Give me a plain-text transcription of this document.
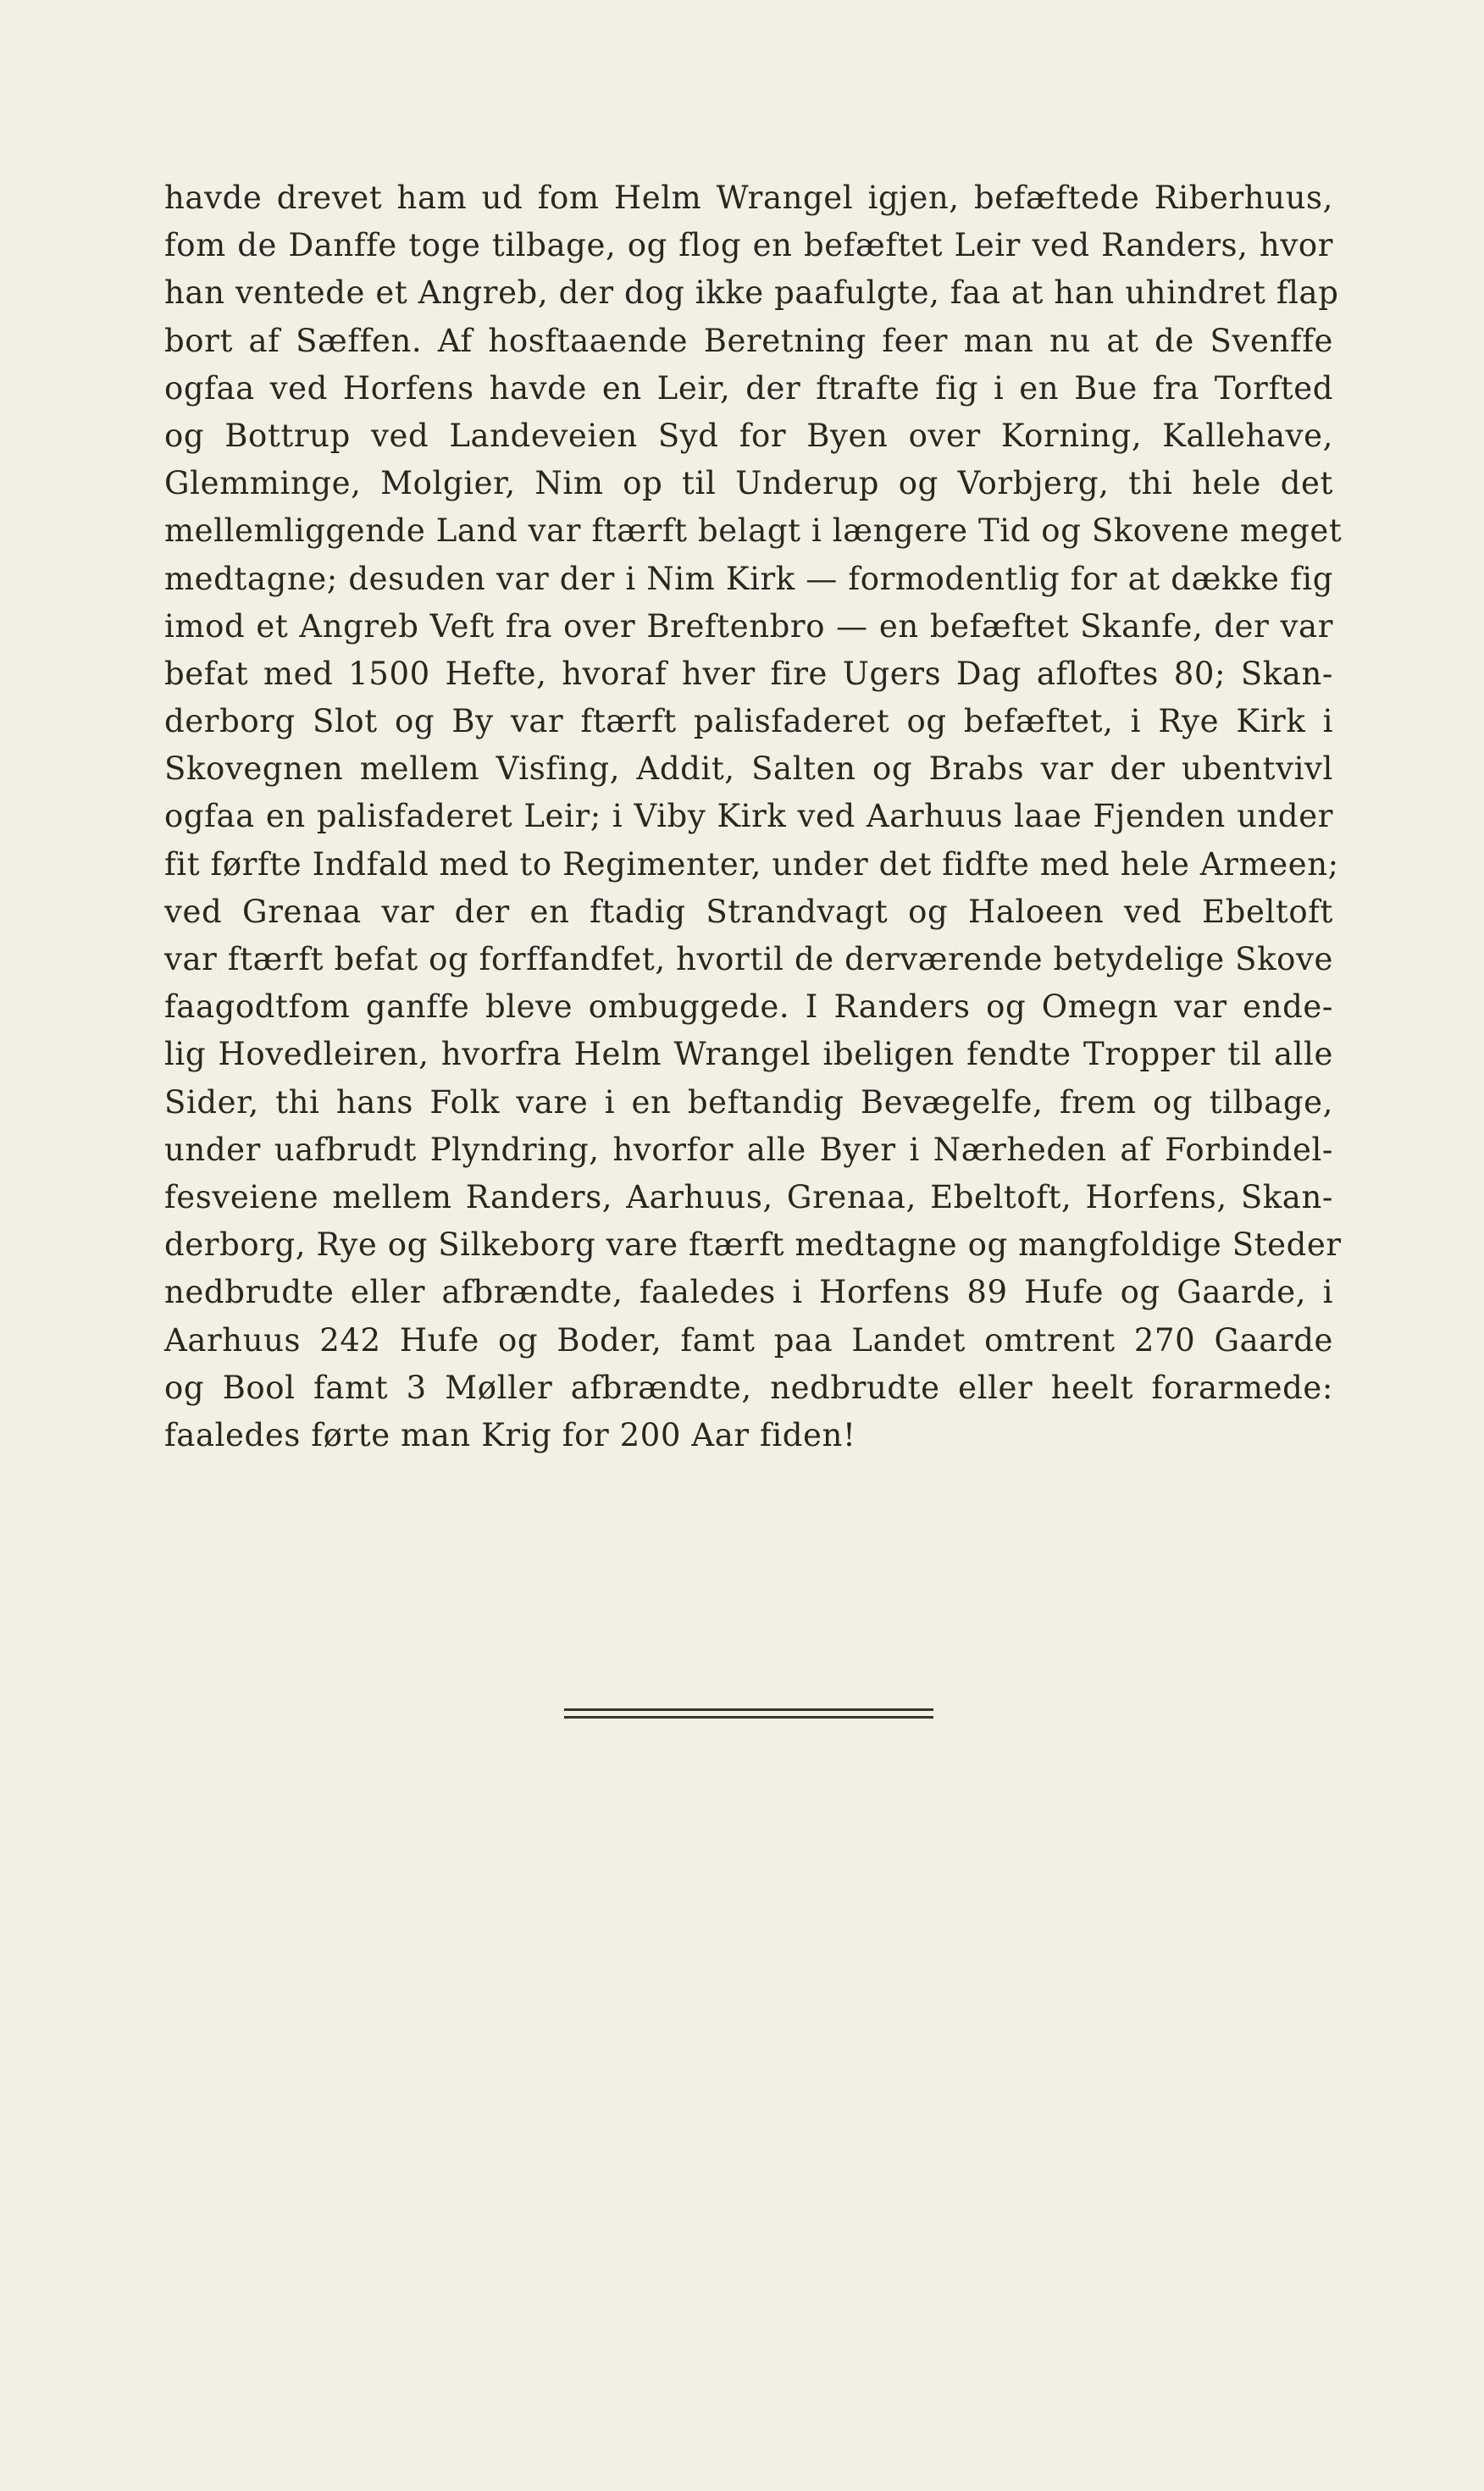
havde drevet ham ud fom Helm Wrangel igjen, befæftede Riberhuus,
fom de Danffe toge tilbage, og flog en befæftet Leir ved Randers, hvor
han ventede et Angreb, der dog ikke paafulgte, faa at han uhindret flap
bort af Sæffen. Af hosftaaende Beretning feer man nu at de Svenffe
ogfaa ved Horfens havde en Leir, der ftrafte fig i en Bue fra Torfted
og Bottrup ved Landeveien Syd for Byen over Korning, Kallehave,
Glemminge, Molgier, Nim op til Underup og Vorbjerg, thi hele det
mellemliggende Land var ftærft belagt i længere Tid og Skovene meget
medtagne; desuden var der i Nim Kirk — formodentlig for at dække fig
imod et Angreb Veft fra over Breftenbro — en befæftet Skanfe, der var
befat med 1500 Hefte, hvoraf hver fire Ugers Dag afloftes 80; Skan-
derborg Slot og By var ftærft palisfaderet og befæftet, i Rye Kirk i
Skovegnen mellem Visfing, Addit, Salten og Brabs var der ubentvivl
ogfaa en palisfaderet Leir; i Viby Kirk ved Aarhuus laae Fjenden under
fit førfte Indfald med to Regimenter, under det fidfte med hele Armeen;
ved Grenaa var der en ftadig Strandvagt og Haloeen ved Ebeltoft
var ftærft befat og forffandfet, hvortil de derværende betydelige Skove
faagodtfom ganffe bleve ombuggede. I Randers og Omegn var ende-
lig Hovedleiren, hvorfra Helm Wrangel ibeligen fendte Tropper til alle
Sider, thi hans Folk vare i en beftandig Bevægelfe, frem og tilbage,
under uafbrudt Plyndring, hvorfor alle Byer i Nærheden af Forbindel-
fesveiene mellem Randers, Aarhuus, Grenaa, Ebeltoft, Horfens, Skan-
derborg, Rye og Silkeborg vare ftærft medtagne og mangfoldige Steder
nedbrudte eller afbrændte, faaledes i Horfens 89 Hufe og Gaarde, i
Aarhuus 242 Hufe og Boder, famt paa Landet omtrent 270 Gaarde
og Bool famt 3 Møller afbrændte, nedbrudte eller heelt forarmede:
faaledes førte man Krig for 200 Aar fiden!
